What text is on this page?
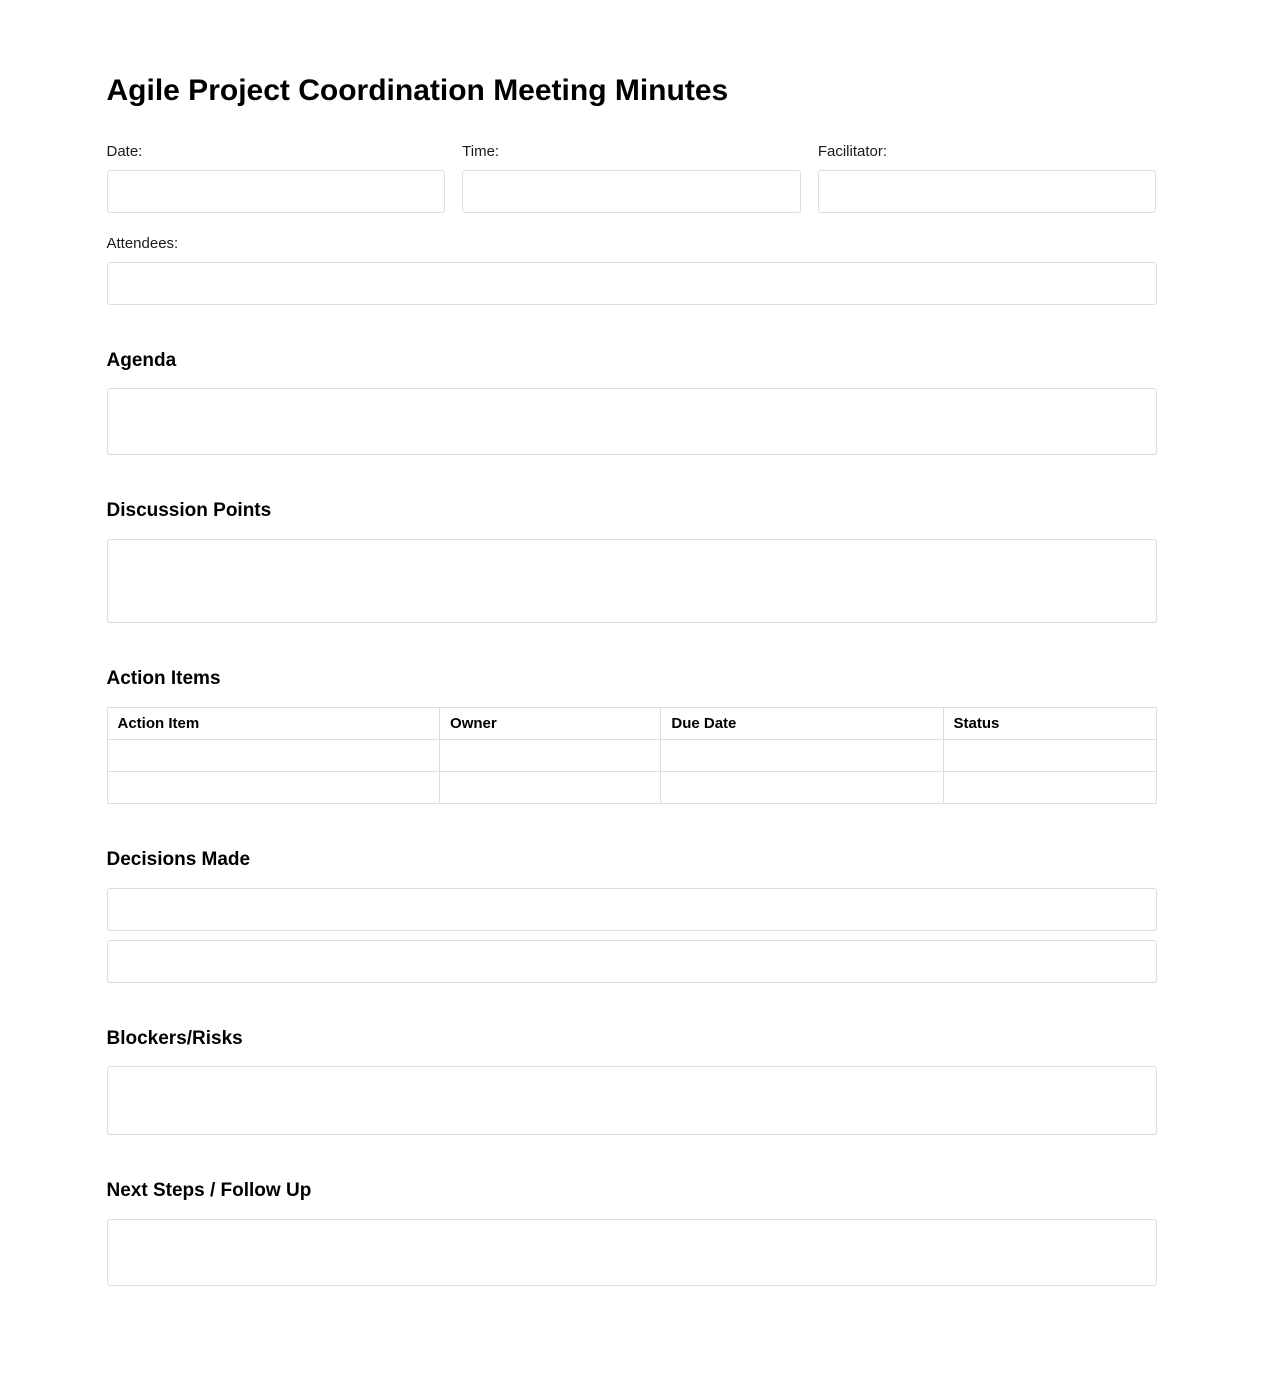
Agile Project Coordination Meeting Minutes
Date:	Time:	Facilitator:
Attendees:
Agenda
Discussion Points
Action Items
Action Item	Owner	Due Date	Status

Decisions Made
Blockers/Risks
Next Steps / Follow Up
